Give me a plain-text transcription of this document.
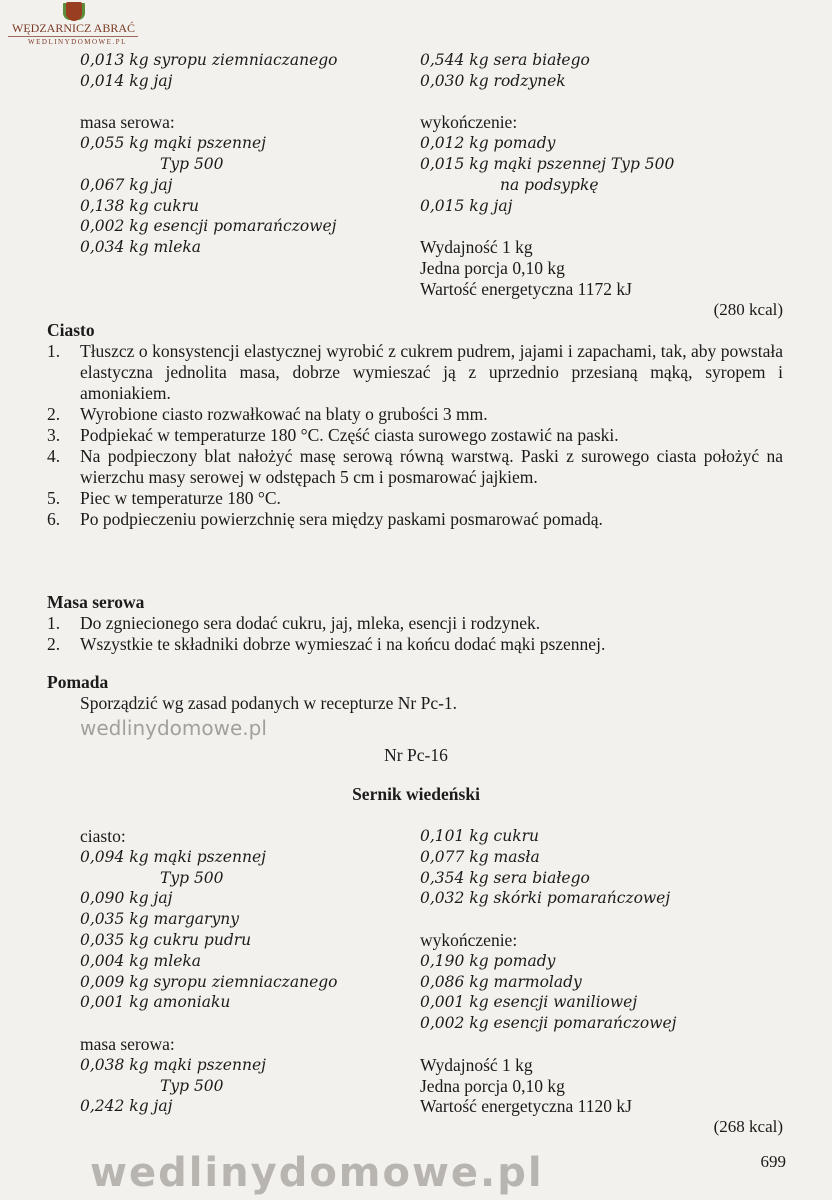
WĘDZARNICZ ABRAĆ
WEDLINYDOMOWE.PL
0,013 kg syropu ziemniaczanego
0,014 kg jaj
masa serowa:
0,055 kg mąki pszennej
Typ 500
0,067 kg jaj
0,138 kg cukru
0,002 kg esencji pomarańczowej
0,034 kg mleka
0,544 kg sera białego
0,030 kg rodzynek
wykończenie:
0,012 kg pomady
0,015 kg mąki pszennej Typ 500
na podsypkę
0,015 kg jaj
Wydajność 1 kg
Jedna porcja 0,10 kg
Wartość energetyczna 1172 kJ
(280 kcal)
Ciasto
1.	Tłuszcz o konsystencji elastycznej wyrobić z cukrem pudrem, jajami i zapachami, tak, aby powstała elastyczna jednolita masa, dobrze wymieszać ją z uprzednio przesianą mąką, syropem i amoniakiem.
2.	Wyrobione ciasto rozwałkować na blaty o grubości 3 mm.
3.	Podpiekać w temperaturze 180 °C. Część ciasta surowego zostawić na paski.
4.	Na podpieczony blat nałożyć masę serową równą warstwą. Paski z surowego ciasta położyć na wierzchu masy serowej w odstępach 5 cm i posmarować jajkiem.
5.	Piec w temperaturze 180 °C.
6.	Po podpieczeniu powierzchnię sera między paskami posmarować pomadą.
Masa serowa
1.	Do zgniecionego sera dodać cukru, jaj, mleka, esencji i rodzynek.
2.	Wszystkie te składniki dobrze wymieszać i na końcu dodać mąki pszennej.
Pomada
Sporządzić wg zasad podanych w recepturze Nr Pc-1.
wedlinydomowe.pl
Nr Pc-16
Sernik wiedeński
ciasto:
0,094 kg mąki pszennej
Typ 500
0,090 kg jaj
0,035 kg margaryny
0,035 kg cukru pudru
0,004 kg mleka
0,009 kg syropu ziemniaczanego
0,001 kg amoniaku
masa serowa:
0,038 kg mąki pszennej
Typ 500
0,242 kg jaj
0,101 kg cukru
0,077 kg masła
0,354 kg sera białego
0,032 kg skórki pomarańczowej
wykończenie:
0,190 kg pomady
0,086 kg marmolady
0,001 kg esencji waniliowej
0,002 kg esencji pomarańczowej
Wydajność 1 kg
Jedna porcja 0,10 kg
Wartość energetyczna 1120 kJ
(268 kcal)
wedlinydomowe.pl	699
